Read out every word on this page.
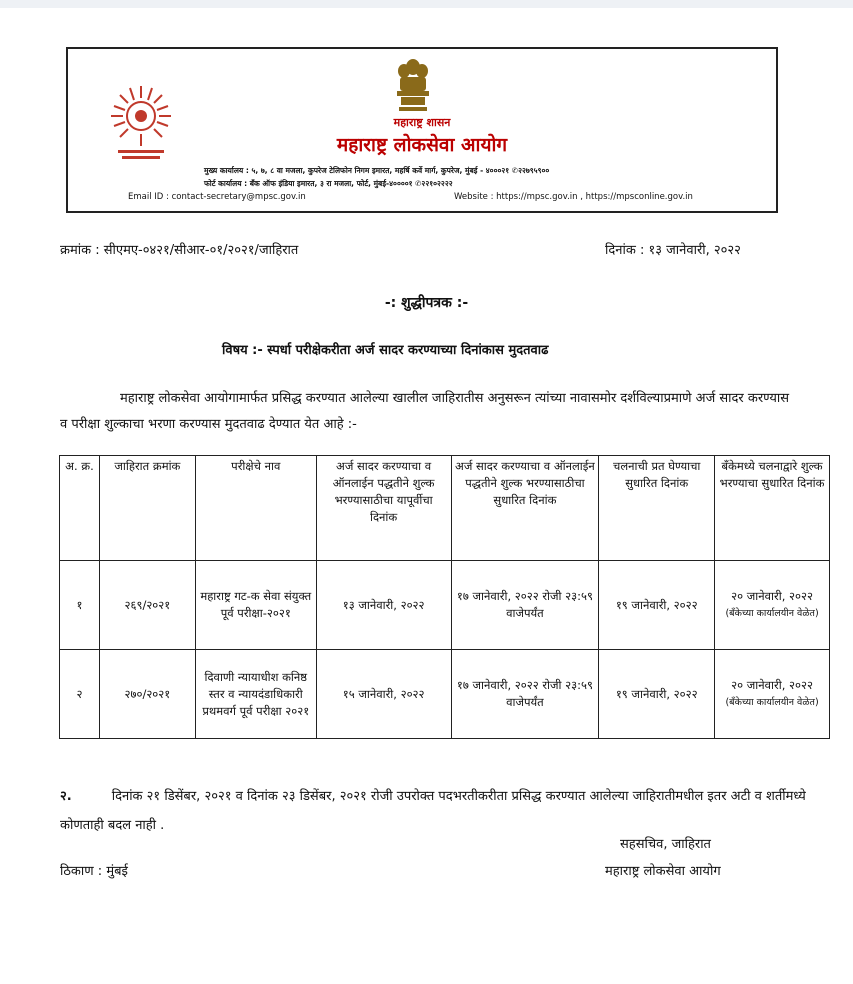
महाराष्ट्र शासन
महाराष्ट्र लोकसेवा आयोग
मुख्य कार्यालय : ५, ७, ८ वा मजला, कुपरेज टेलिफोन निगम इमारत, महर्षि कर्वे मार्ग, कुपरेज, मुंबई - ४०००२१ ✆२२७९५९००
फोर्ट कार्यालय : बँक ऑफ इंडिया इमारत, ३ रा मजला, फोर्ट, मुंबई-४००००१ ✆२२१०२२२२
Email ID : contact-secretary@mpsc.gov.in	Website : https://mpsc.gov.in , https://mpsconline.gov.in
क्रमांक : सीएमए-०४२१/सीआर-०१/२०२१/जाहिरात	दिनांक : १३ जानेवारी, २०२२
-: शुद्धीपत्रक :-
विषय :- स्पर्धा परीक्षेकरीता अर्ज सादर करण्याच्या दिनांकास मुदतवाढ
महाराष्ट्र लोकसेवा आयोगामार्फत प्रसिद्ध करण्यात आलेल्या खालील जाहिरातीस अनुसरून त्यांच्या नावासमोर दर्शविल्याप्रमाणे अर्ज सादर करण्यास व परीक्षा शुल्काचा भरणा करण्यास मुदतवाढ देण्यात येत आहे :-
अ. क्र.	जाहिरात क्रमांक	परीक्षेचे नाव	अर्ज सादर करण्याचा व ऑनलाईन पद्धतीने शुल्क भरण्यासाठीचा यापूर्वीचा दिनांक	अर्ज सादर करण्याचा व ऑनलाईन पद्धतीने शुल्क भरण्यासाठीचा सुधारित दिनांक	चलनाची प्रत घेण्याचा सुधारित दिनांक	बँकेमध्ये चलनाद्वारे शुल्क भरण्याचा सुधारित दिनांक
१	२६९/२०२१	महाराष्ट्र गट-क सेवा संयुक्त पूर्व परीक्षा-२०२१	१३ जानेवारी, २०२२	१७ जानेवारी, २०२२ रोजी २३:५९ वाजेपर्यंत	१९ जानेवारी, २०२२	२० जानेवारी, २०२२
(बँकेच्या कार्यालयीन वेळेत)

२	२७०/२०२१	दिवाणी न्यायाधीश कनिष्ठ स्तर व न्यायदंडाधिकारी प्रथमवर्ग पूर्व परीक्षा २०२१	१५ जानेवारी, २०२२	१७ जानेवारी, २०२२ रोजी २३:५९ वाजेपर्यंत	१९ जानेवारी, २०२२	२० जानेवारी, २०२२
(बँकेच्या कार्यालयीन वेळेत)
२.	दिनांक २१ डिसेंबर, २०२१ व दिनांक २३ डिसेंबर, २०२१ रोजी उपरोक्त पदभरतीकरीता प्रसिद्ध करण्यात आलेल्या जाहिरातीमधील इतर अटी व शर्तीमध्ये कोणताही बदल नाही .
सहसचिव, जाहिरात
ठिकाण : मुंबई	महाराष्ट्र लोकसेवा आयोग
